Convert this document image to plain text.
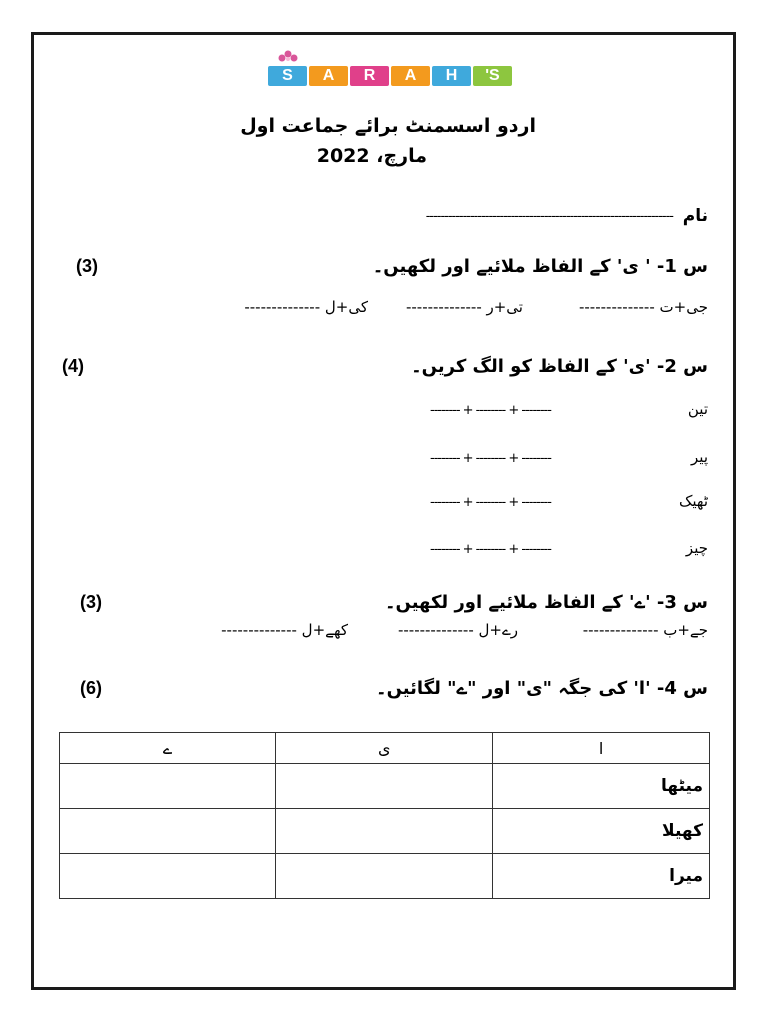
S	A	R	A	H	'S
اردو اسسمنٹ برائے جماعت اول
مارچ، 2022
نام
-------------------------------------------------------------------
س 1- ' ی' کے الفاظ ملائیے اور لکھیں۔
(3)
جی+ت --------------
تی+ر --------------
کی+ل --------------
س 2- 'ی' کے الفاظ کو الگ کریں۔
(4)
تین
-------- + -------- + --------
پیر
-------- + -------- + --------
ٹھیک
-------- + -------- + --------
چیز
-------- + -------- + --------
س 3- 'ے' کے الفاظ ملائیے اور لکھیں۔
(3)
جے+ب --------------
رے+ل --------------
کھے+ل --------------
س 4- 'ا' کی جگہ "ی" اور "ے" لگائیں۔
(6)
ے	ی	ا
		میٹھا
		کھیلا
		میرا
